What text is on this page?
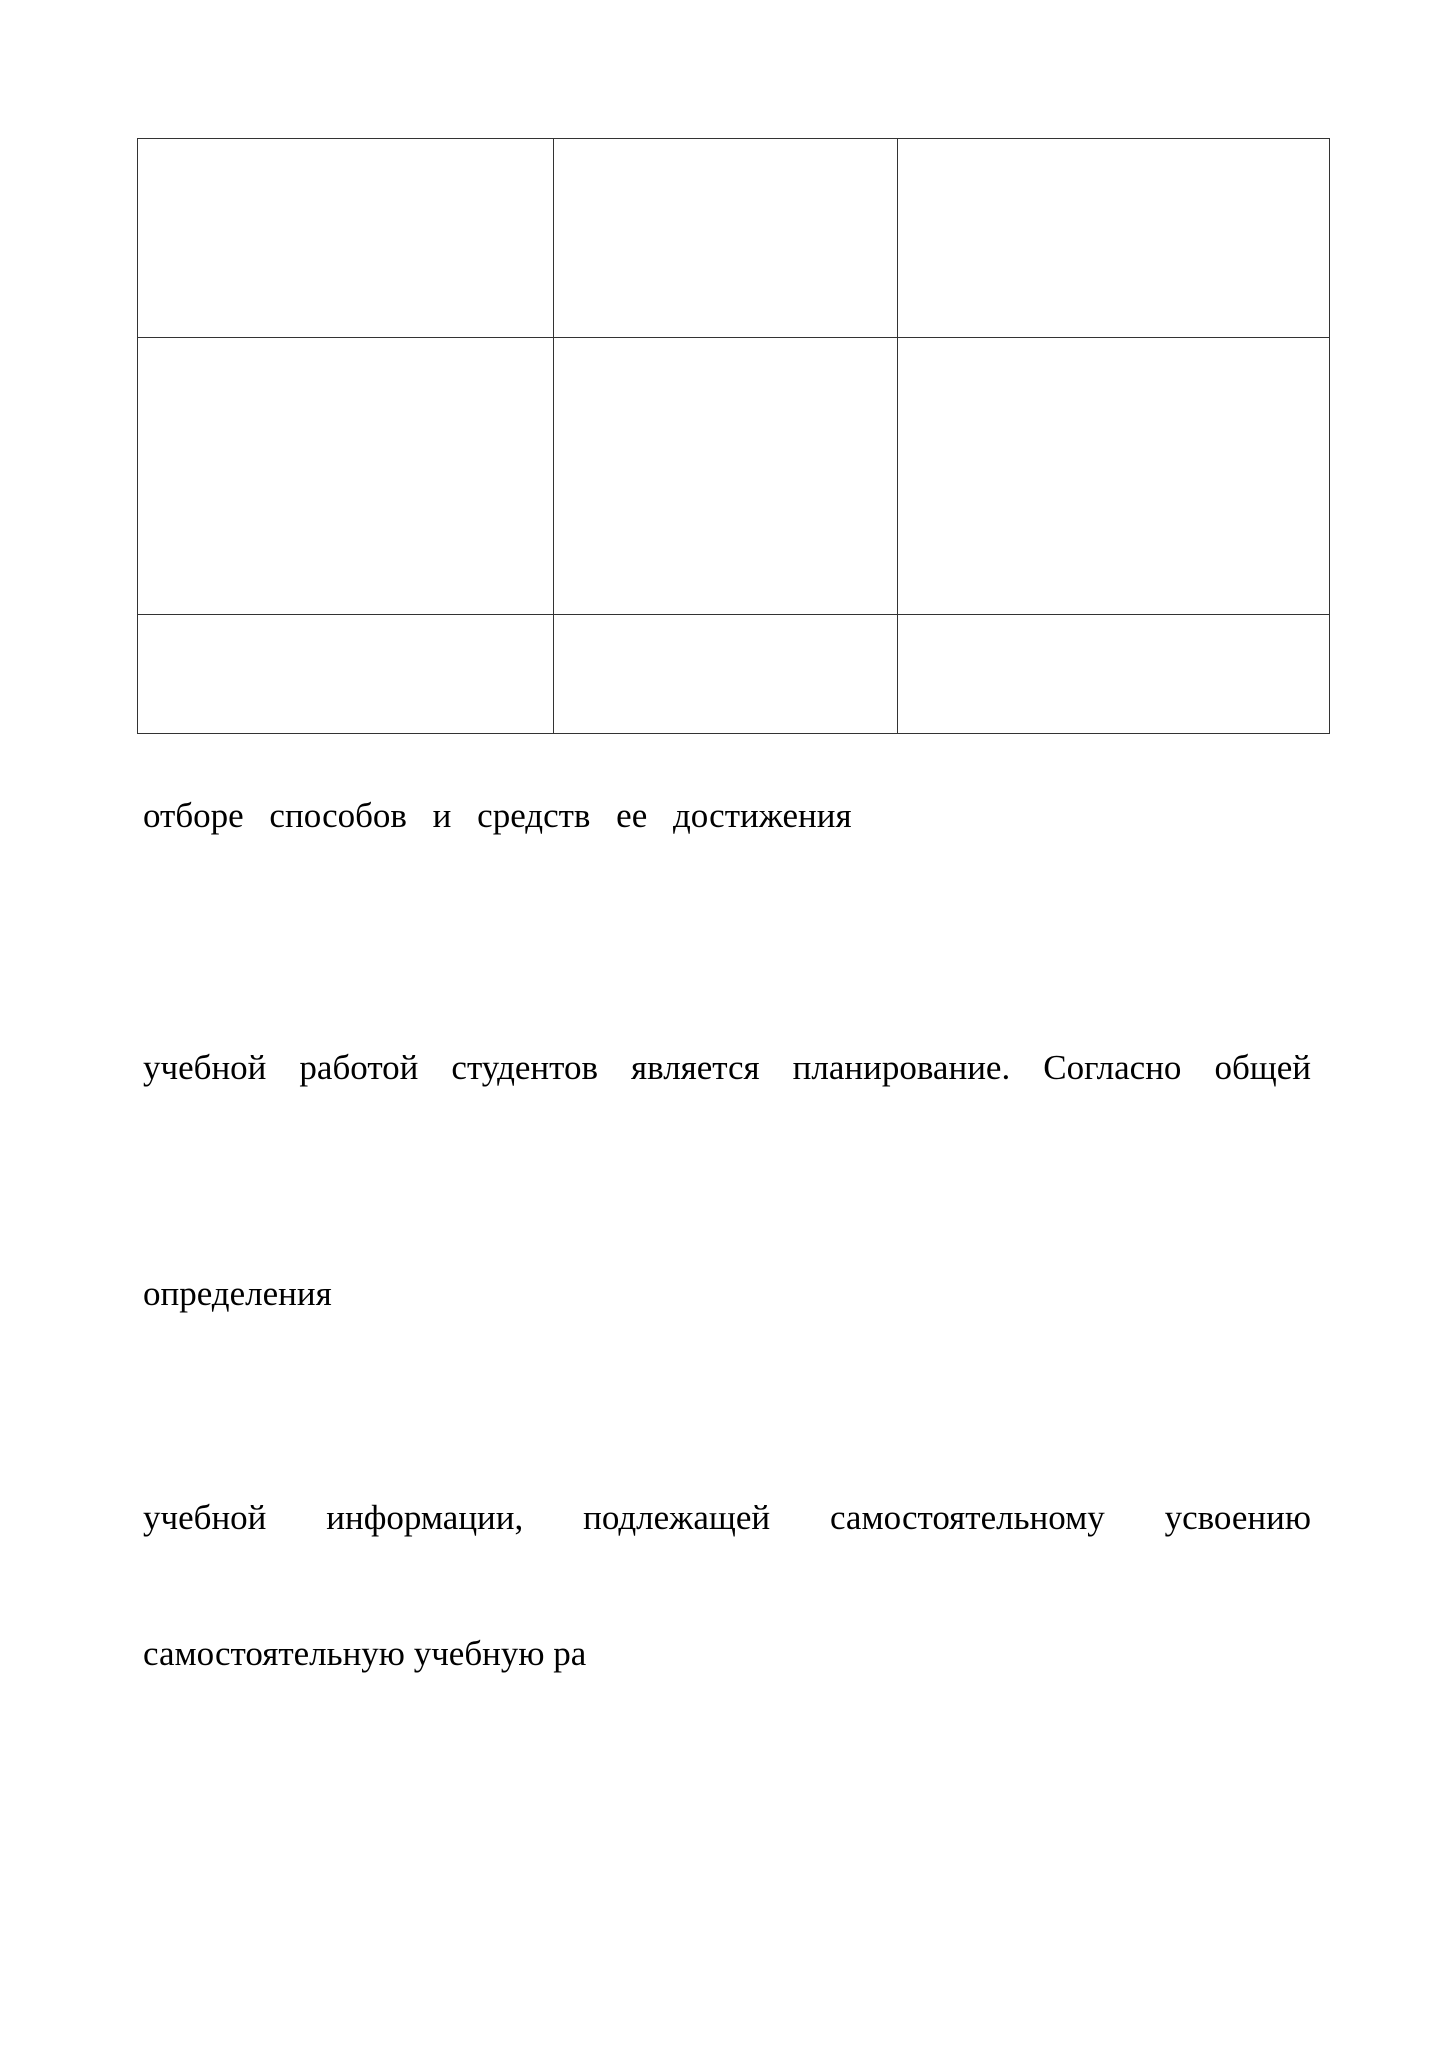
отборе способов и средств ее достижения

учебной работой студентов является планирование. Согласно общей

определения

учебной информации, подлежащей самостоятельному усвоению

самостоятельную учебную ра
